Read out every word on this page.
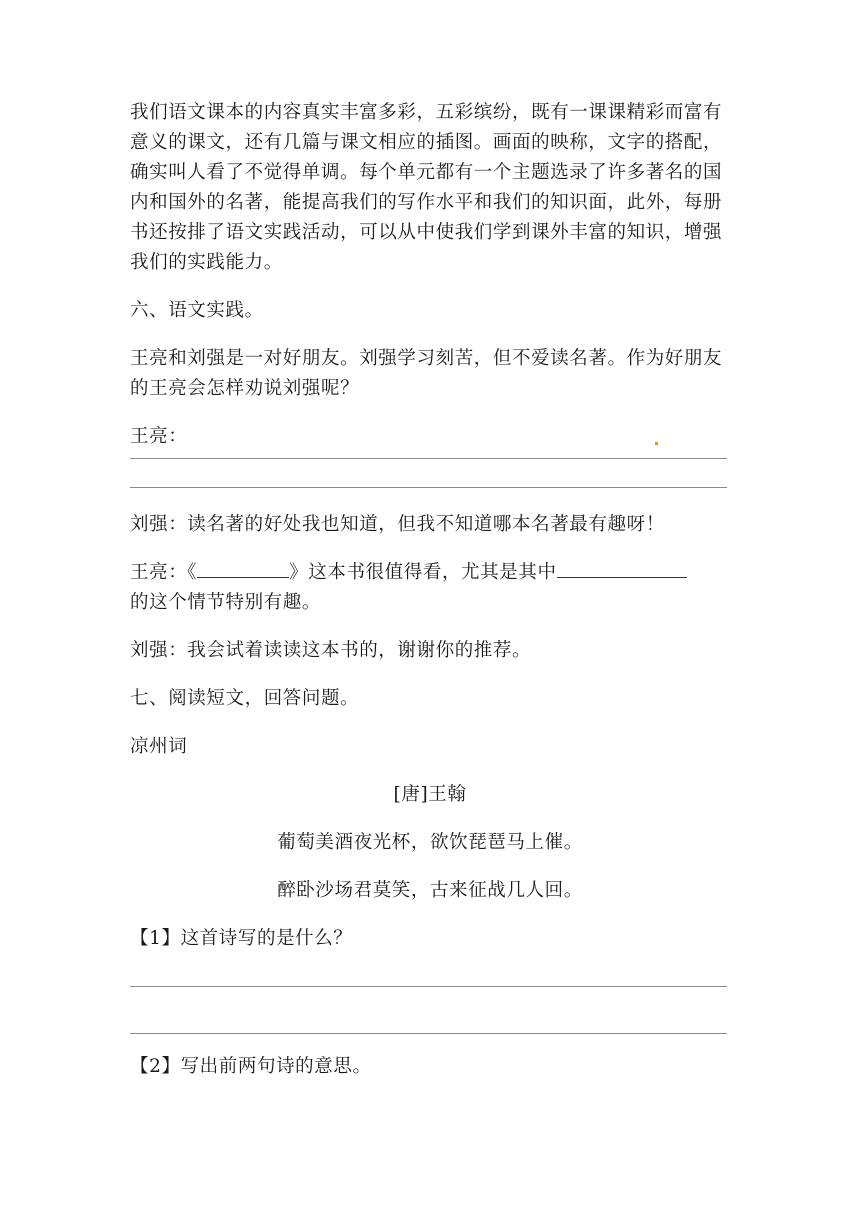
我们语文课本的内容真实丰富多彩，五彩缤纷，既有一课课精彩而富有意义的课文，还有几篇与课文相应的插图。画面的映称，文字的搭配，确实叫人看了不觉得单调。每个单元都有一个主题选录了许多著名的国内和国外的名著，能提高我们的写作水平和我们的知识面，此外，每册书还按排了语文实践活动，可以从中使我们学到课外丰富的知识，增强我们的实践能力。

六、语文实践。

王亮和刘强是一对好朋友。刘强学习刻苦，但不爱读名著。作为好朋友的王亮会怎样劝说刘强呢？

王亮：

刘强：读名著的好处我也知道，但我不知道哪本名著最有趣呀！

王亮：《	》这本书很值得看，尤其是其中
的这个情节特别有趣。

刘强：我会试着读读这本书的，谢谢你的推荐。

七、阅读短文，回答问题。

凉州词

[唐]王翰

葡萄美酒夜光杯，欲饮琵琶马上催。

醉卧沙场君莫笑，古来征战几人回。

【1】这首诗写的是什么？

【2】写出前两句诗的意思。
